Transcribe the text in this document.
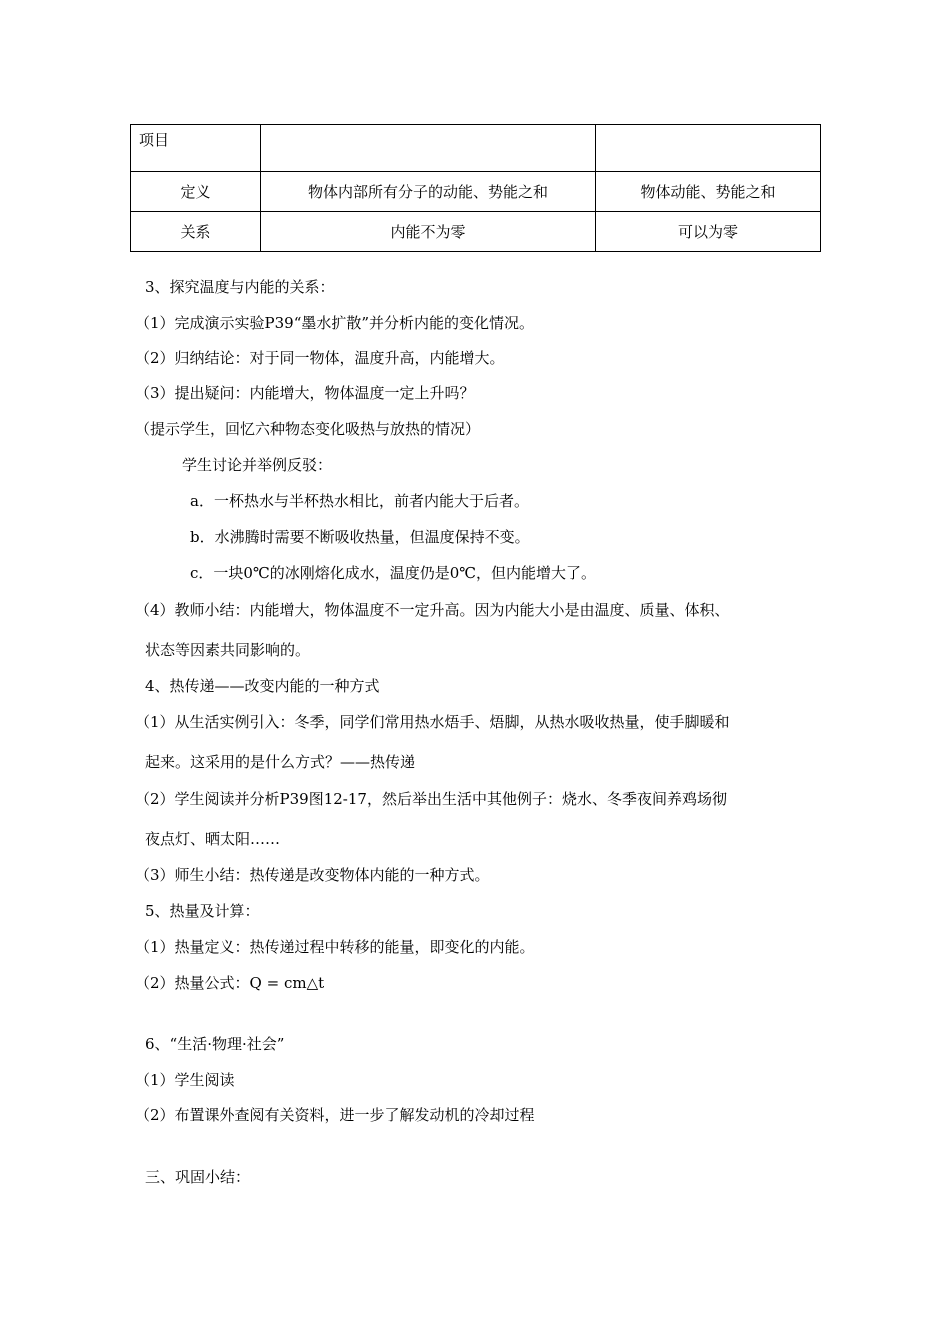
项目		
定义	物体内部所有分子的动能、势能之和	物体动能、势能之和
关系	内能不为零	可以为零
3、探究温度与内能的关系：
（1）完成演示实验P39“墨水扩散”并分析内能的变化情况。
（2）归纳结论：对于同一物体，温度升高，内能增大。
（3）提出疑问：内能增大，物体温度一定上升吗？
（提示学生，回忆六种物态变化吸热与放热的情况）
学生讨论并举例反驳：
a．一杯热水与半杯热水相比，前者内能大于后者。
b．水沸腾时需要不断吸收热量，但温度保持不变。
c．一块0℃的冰刚熔化成水，温度仍是0℃，但内能增大了。
（4）教师小结：内能增大，物体温度不一定升高。因为内能大小是由温度、质量、体积、
状态等因素共同影响的。
4、热传递——改变内能的一种方式
（1）从生活实例引入：冬季，同学们常用热水焐手、焐脚，从热水吸收热量，使手脚暖和
起来。这采用的是什么方式？——热传递
（2）学生阅读并分析P39图12-17，然后举出生活中其他例子：烧水、冬季夜间养鸡场彻
夜点灯、晒太阳……
（3）师生小结：热传递是改变物体内能的一种方式。
5、热量及计算：
（1）热量定义：热传递过程中转移的能量，即变化的内能。
（2）热量公式：Q = cm△t
6、“生活·物理·社会”
（1）学生阅读
（2）布置课外查阅有关资料，进一步了解发动机的冷却过程
三、巩固小结：
